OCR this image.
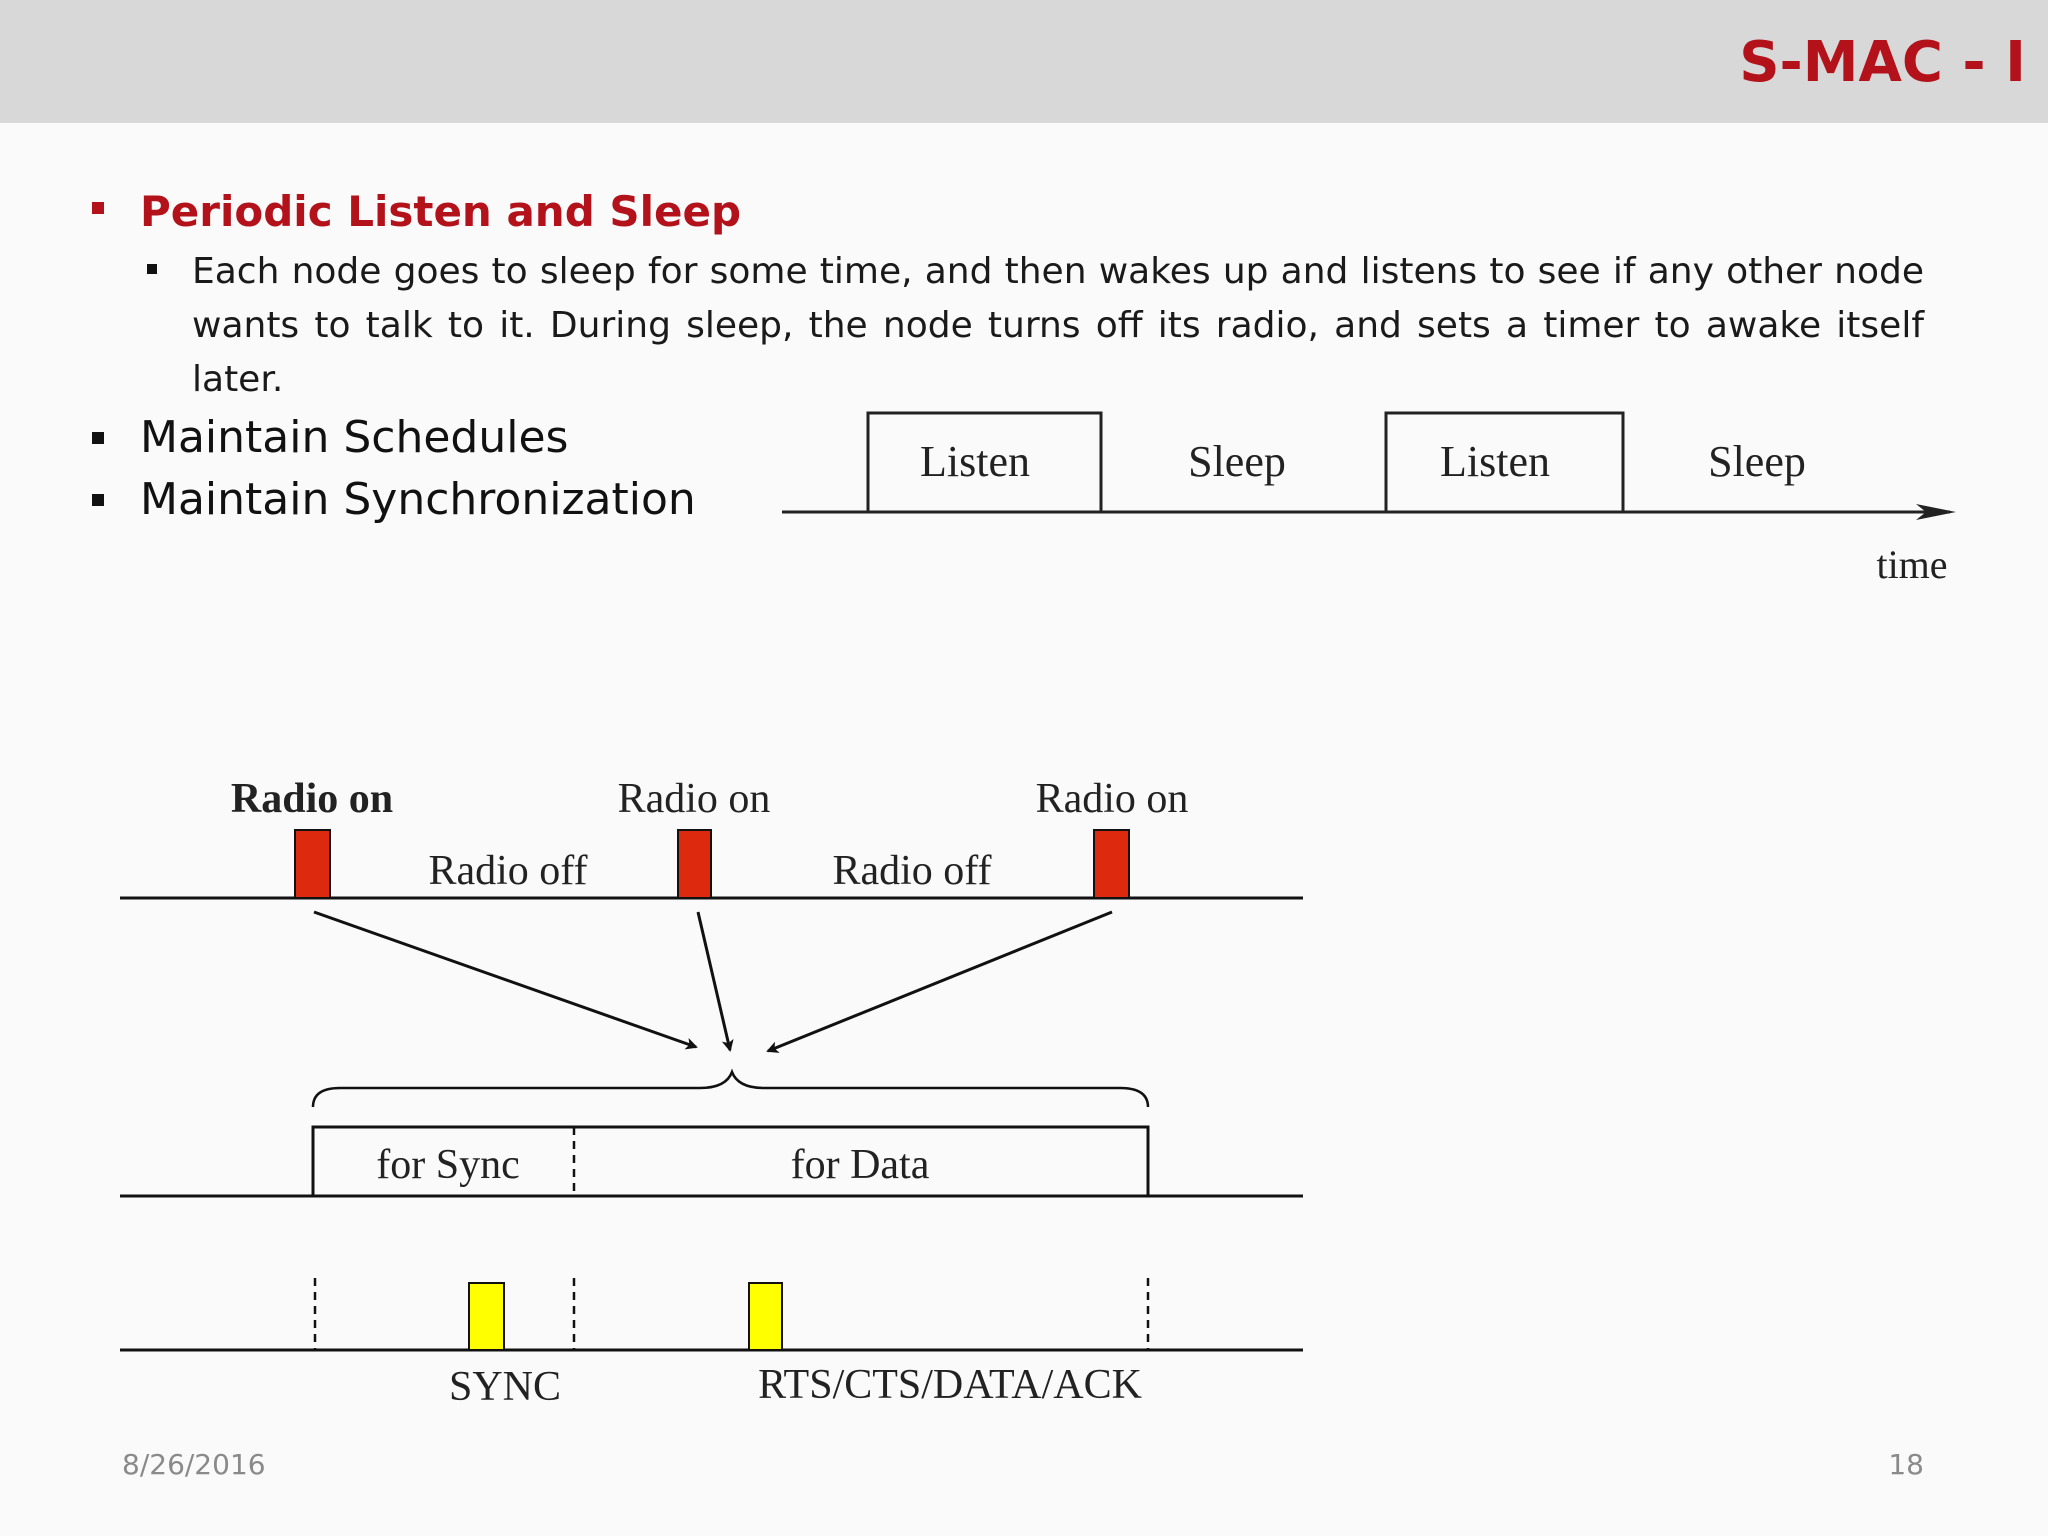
S-MAC - I
Periodic Listen and Sleep
Each node goes to sleep for some time, and then wakes up and listens to see if any other node wants to talk to it. During sleep, the node turns off its radio, and sets a timer to awake itself later.
Maintain Schedules
Maintain Synchronization
Listen	Sleep	Listen	Sleep
time
Radio on	Radio on	Radio on
Radio off	Radio off
for Sync	for Data
SYNC	RTS/CTS/DATA/ACK
8/26/2016	18
